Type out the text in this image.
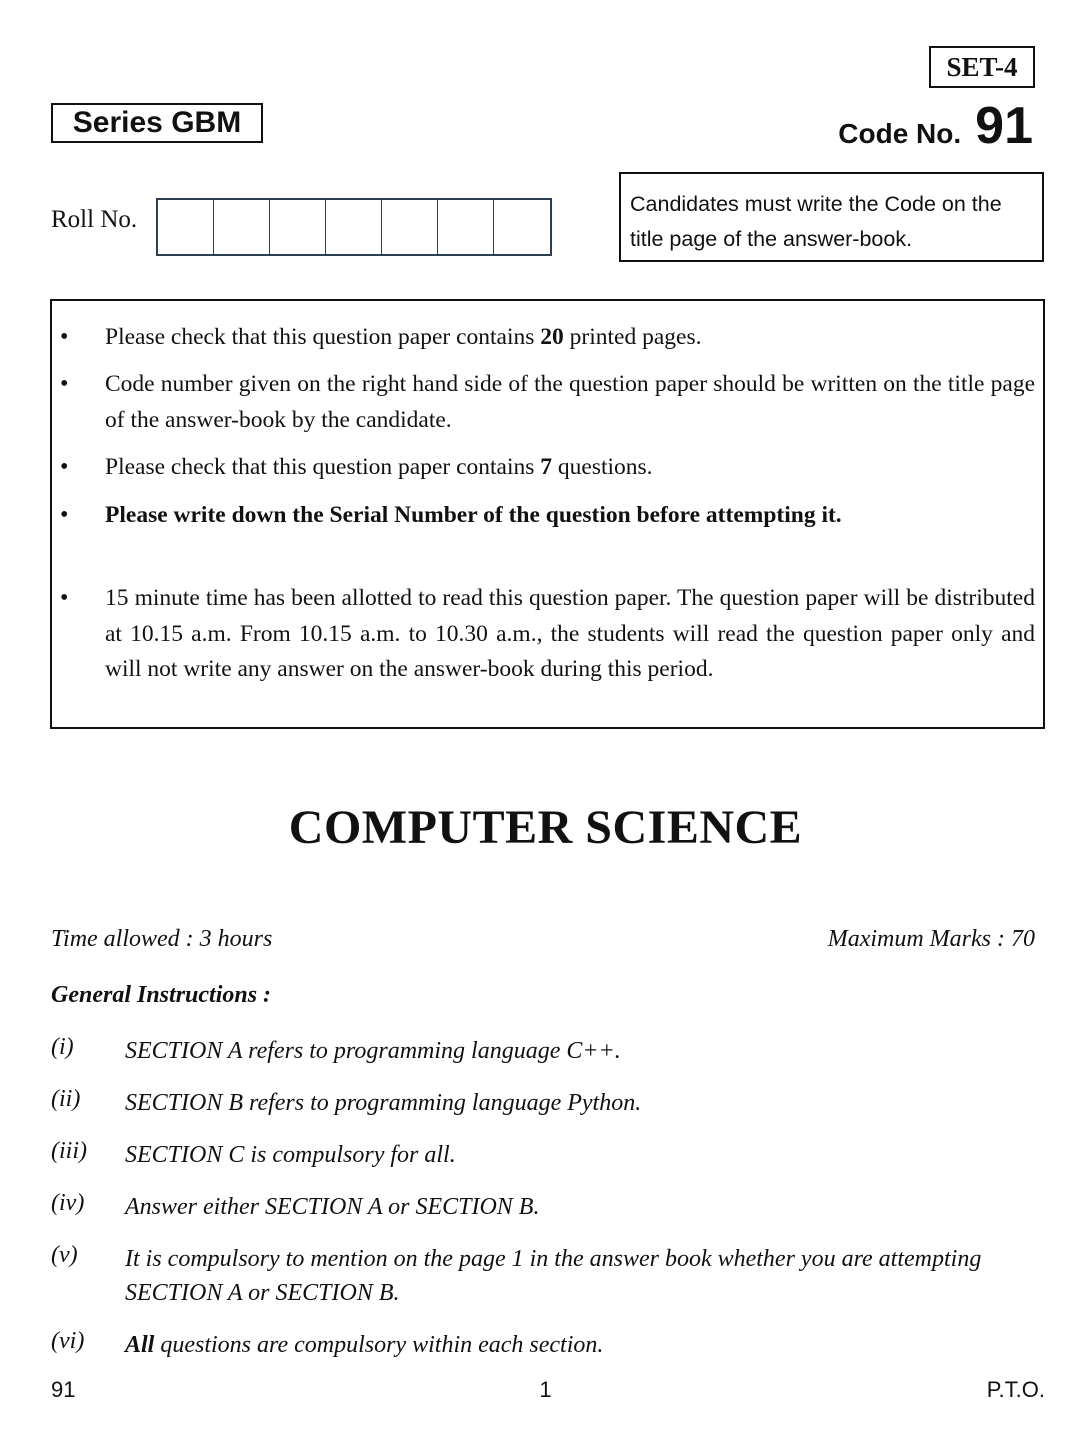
SET-4
Series GBM	Code No. 91
Roll No.
Candidates must write the Code on the title page of the answer-book.
• Please check that this question paper contains 20 printed pages.
• Code number given on the right hand side of the question paper should be written on the title page of the answer-book by the candidate.
• Please check that this question paper contains 7 questions.
• Please write down the Serial Number of the question before attempting it.
• 15 minute time has been allotted to read this question paper. The question paper will be distributed at 10.15 a.m. From 10.15 a.m. to 10.30 a.m., the students will read the question paper only and will not write any answer on the answer-book during this period.
COMPUTER SCIENCE
Time allowed : 3 hours	Maximum Marks : 70
General Instructions :
(i) SECTION A refers to programming language C++.
(ii) SECTION B refers to programming language Python.
(iii) SECTION C is compulsory for all.
(iv) Answer either SECTION A or SECTION B.
(v) It is compulsory to mention on the page 1 in the answer book whether you are attempting SECTION A or SECTION B.
(vi) All questions are compulsory within each section.
91	1	P.T.O.
